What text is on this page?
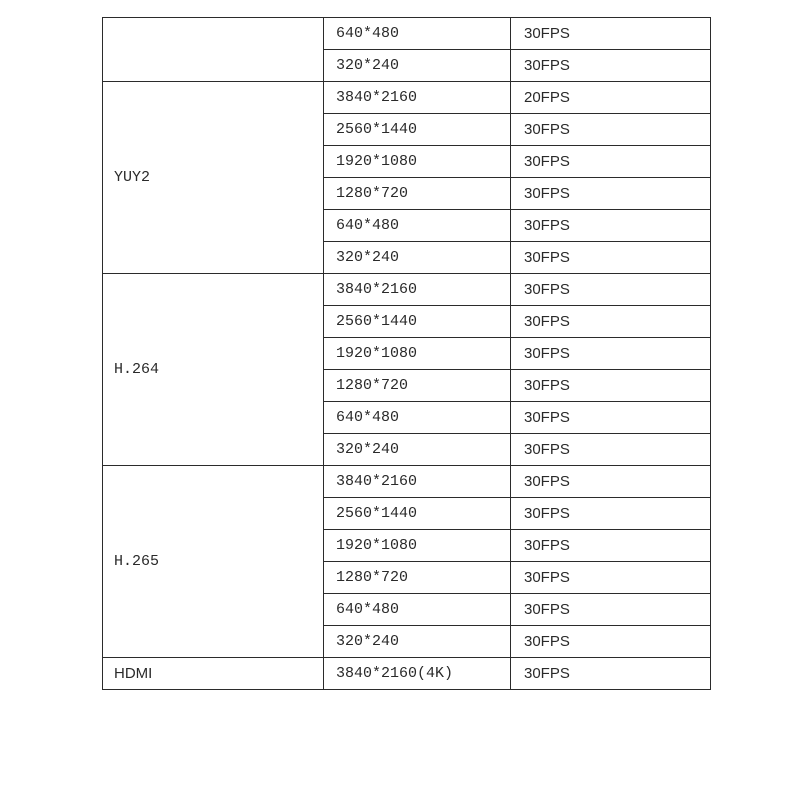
	640*480	30FPS
	320*240	30FPS
YUY2	3840*2160	20FPS
	2560*1440	30FPS
	1920*1080	30FPS
	1280*720	30FPS
	640*480	30FPS
	320*240	30FPS
H.264	3840*2160	30FPS
	2560*1440	30FPS
	1920*1080	30FPS
	1280*720	30FPS
	640*480	30FPS
	320*240	30FPS
H.265	3840*2160	30FPS
	2560*1440	30FPS
	1920*1080	30FPS
	1280*720	30FPS
	640*480	30FPS
	320*240	30FPS
HDMI	3840*2160(4K)	30FPS
